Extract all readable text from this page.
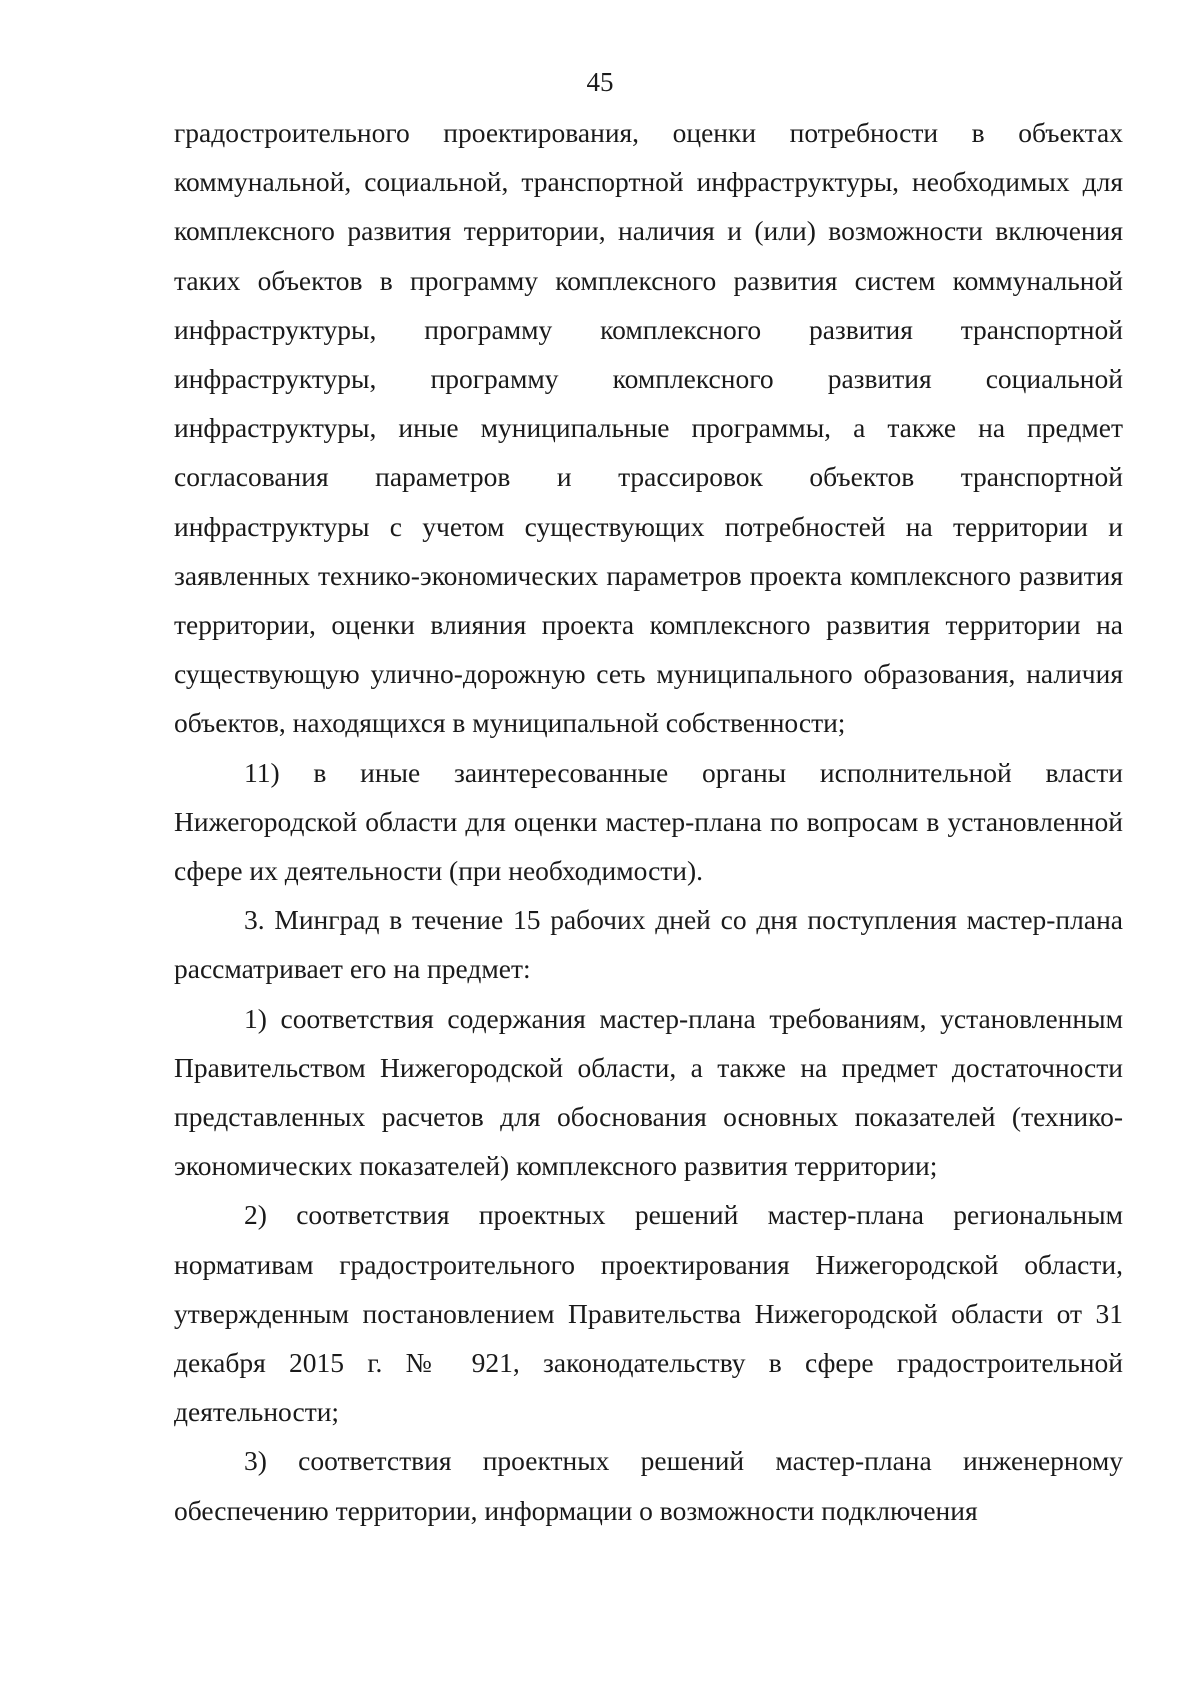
45

градостроительного проектирования, оценки потребности в объектах коммунальной, социальной, транспортной инфраструктуры, необходимых для комплексного развития территории, наличия и (или) возможности включения таких объектов в программу комплексного развития систем коммунальной инфраструктуры, программу комплексного развития транспортной инфраструктуры, программу комплексного развития социальной инфраструктуры, иные муниципальные программы, а также на предмет согласования параметров и трассировок объектов транспортной инфраструктуры с учетом существующих потребностей на территории и заявленных технико-экономических параметров проекта комплексного развития территории, оценки влияния проекта комплексного развития территории на существующую улично-дорожную сеть муниципального образования, наличия объектов, находящихся в муниципальной собственности;

11) в иные заинтересованные органы исполнительной власти Нижегородской области для оценки мастер-плана по вопросам в установленной сфере их деятельности (при необходимости).

3. Минград в течение 15 рабочих дней со дня поступления мастер-плана рассматривает его на предмет:

1) соответствия содержания мастер-плана требованиям, установленным Правительством Нижегородской области, а также на предмет достаточности представленных расчетов для обоснования основных показателей (технико-экономических показателей) комплексного развития территории;

2) соответствия проектных решений мастер-плана региональным нормативам градостроительного проектирования Нижегородской области, утвержденным постановлением Правительства Нижегородской области от 31 декабря 2015 г. № 921, законодательству в сфере градостроительной деятельности;

3) соответствия проектных решений мастер-плана инженерному обеспечению территории, информации о возможности подключения
